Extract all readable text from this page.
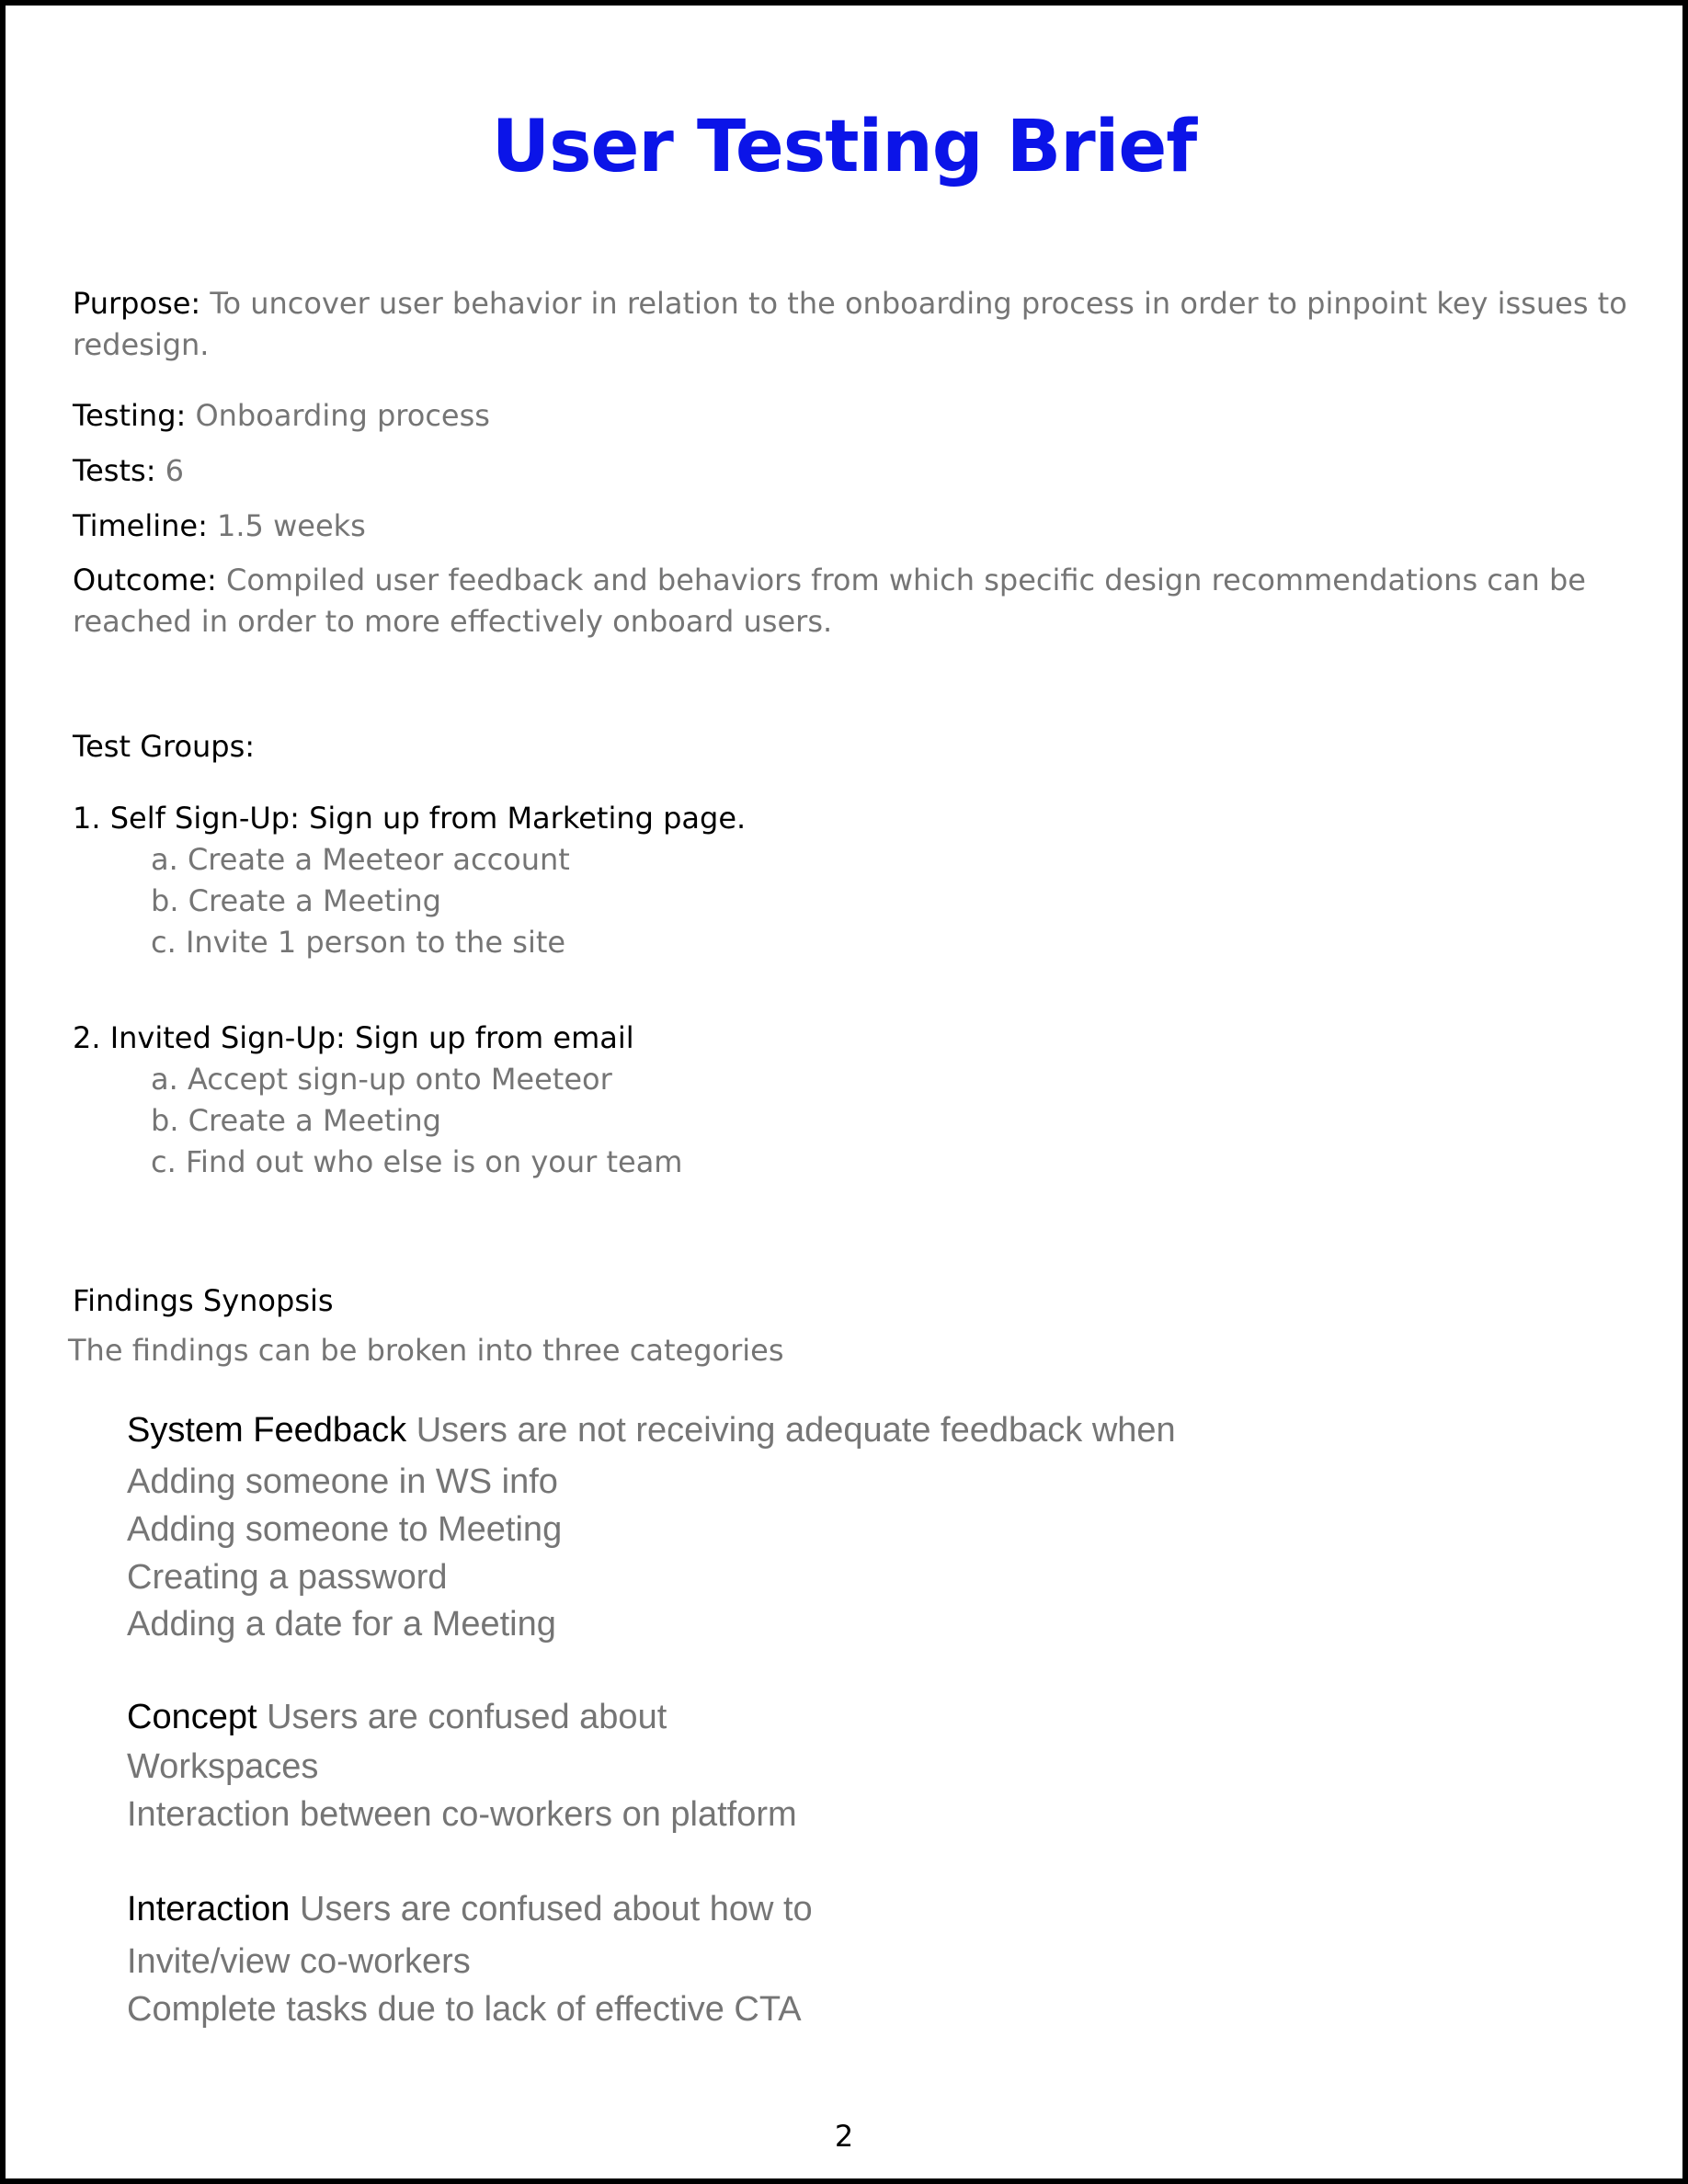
User Testing Brief
Purpose: To uncover user behavior in relation to the onboarding process in order to pinpoint key issues to redesign.
Testing: Onboarding process
Tests: 6
Timeline: 1.5 weeks
Outcome: Compiled user feedback and behaviors from which specific design recommendations can be reached in order to more effectively onboard users.
Test Groups:
1. Self Sign-Up: Sign up from Marketing page.
a. Create a Meeteor account
b. Create a Meeting
c. Invite 1 person to the site
2. Invited Sign-Up: Sign up from email
a. Accept sign-up onto Meeteor
b. Create a Meeting
c. Find out who else is on your team
Findings Synopsis
The findings can be broken into three categories
System Feedback Users are not receiving adequate feedback when
Adding someone in WS info
Adding someone to Meeting
Creating a password
Adding a date for a Meeting
Concept Users are confused about
Workspaces
Interaction between co-workers on platform
Interaction Users are confused about how to
Invite/view co-workers
Complete tasks due to lack of effective CTA
2
